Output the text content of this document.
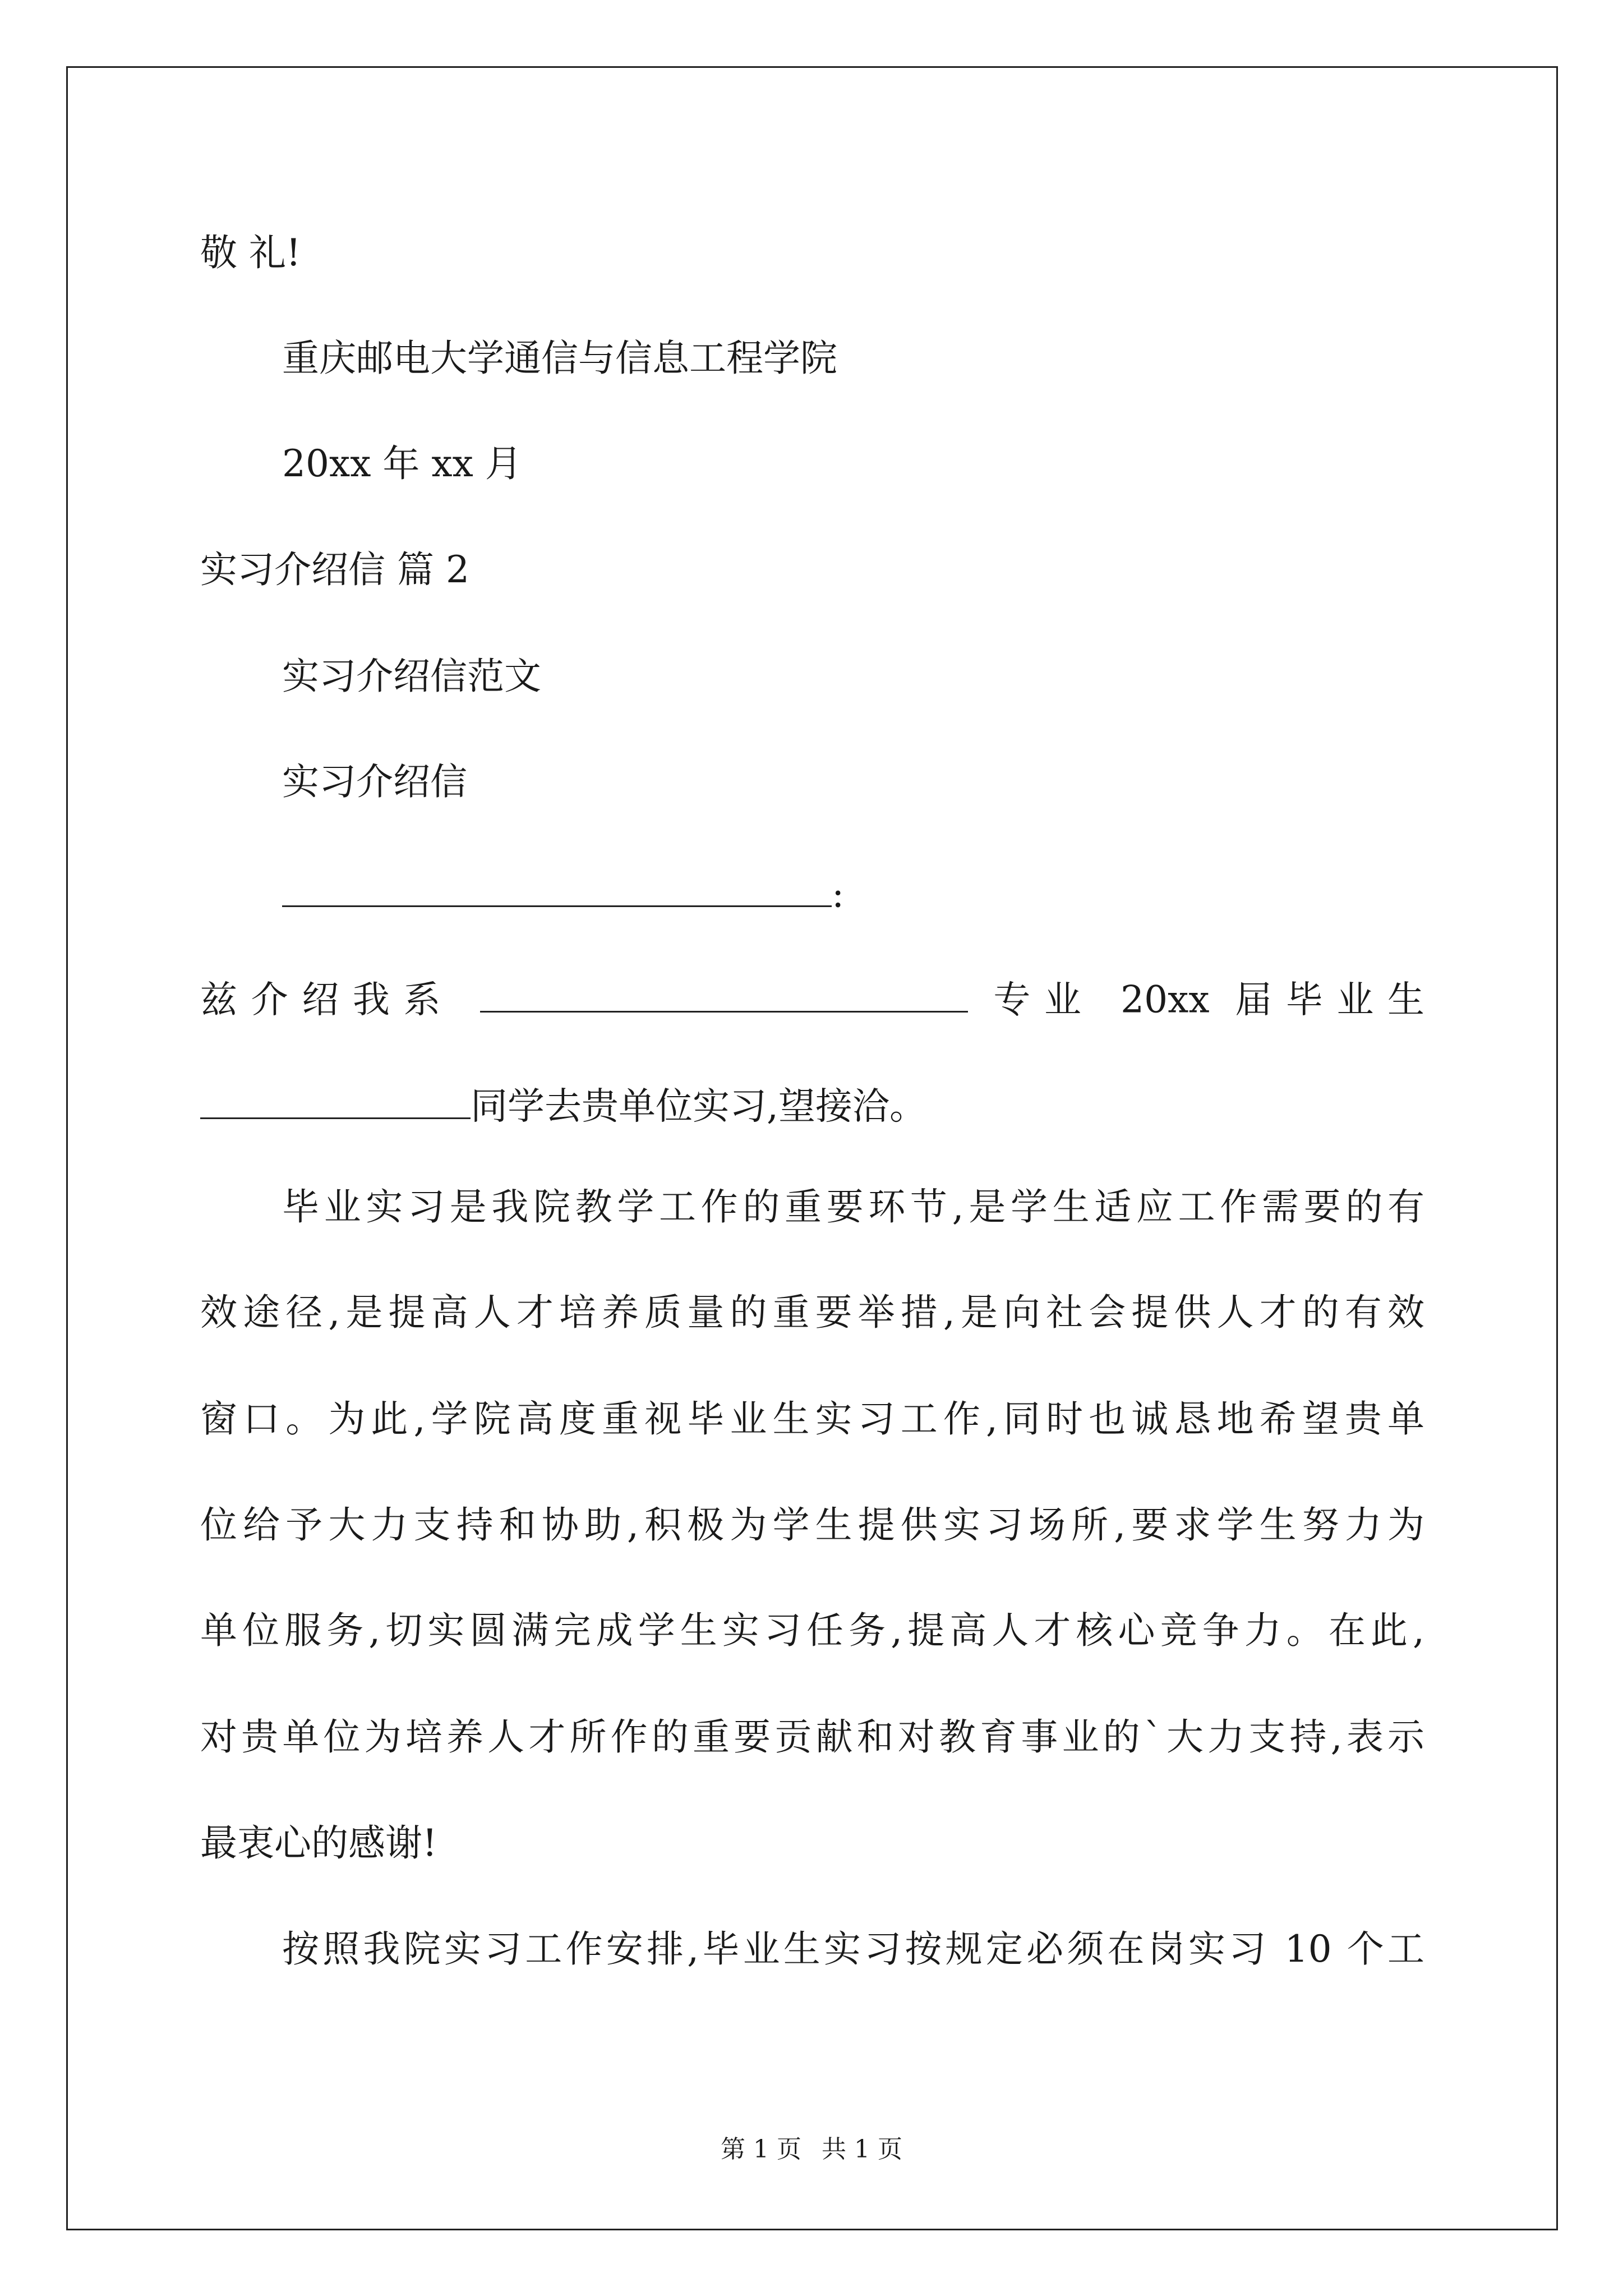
敬 礼!
重庆邮电大学通信与信息工程学院
20xx 年 xx 月
实习介绍信 篇 2
实习介绍信范文
实习介绍信
:
兹介绍我系	专业 20xx 届毕业生
同学去贵单位实习,望接洽。
毕业实习是我院教学工作的重要环节,是学生适应工作需要的有
效途径,是提高人才培养质量的重要举措,是向社会提供人才的有效
窗口。为此,学院高度重视毕业生实习工作,同时也诚恳地希望贵单
位给予大力支持和协助,积极为学生提供实习场所,要求学生努力为
单位服务,切实圆满完成学生实习任务,提高人才核心竞争力。在此,
对贵单位为培养人才所作的重要贡献和对教育事业的`大力支持,表示
最衷心的感谢!
按照我院实习工作安排,毕业生实习按规定必须在岗实习 10 个工
第 1 页 共 1 页
